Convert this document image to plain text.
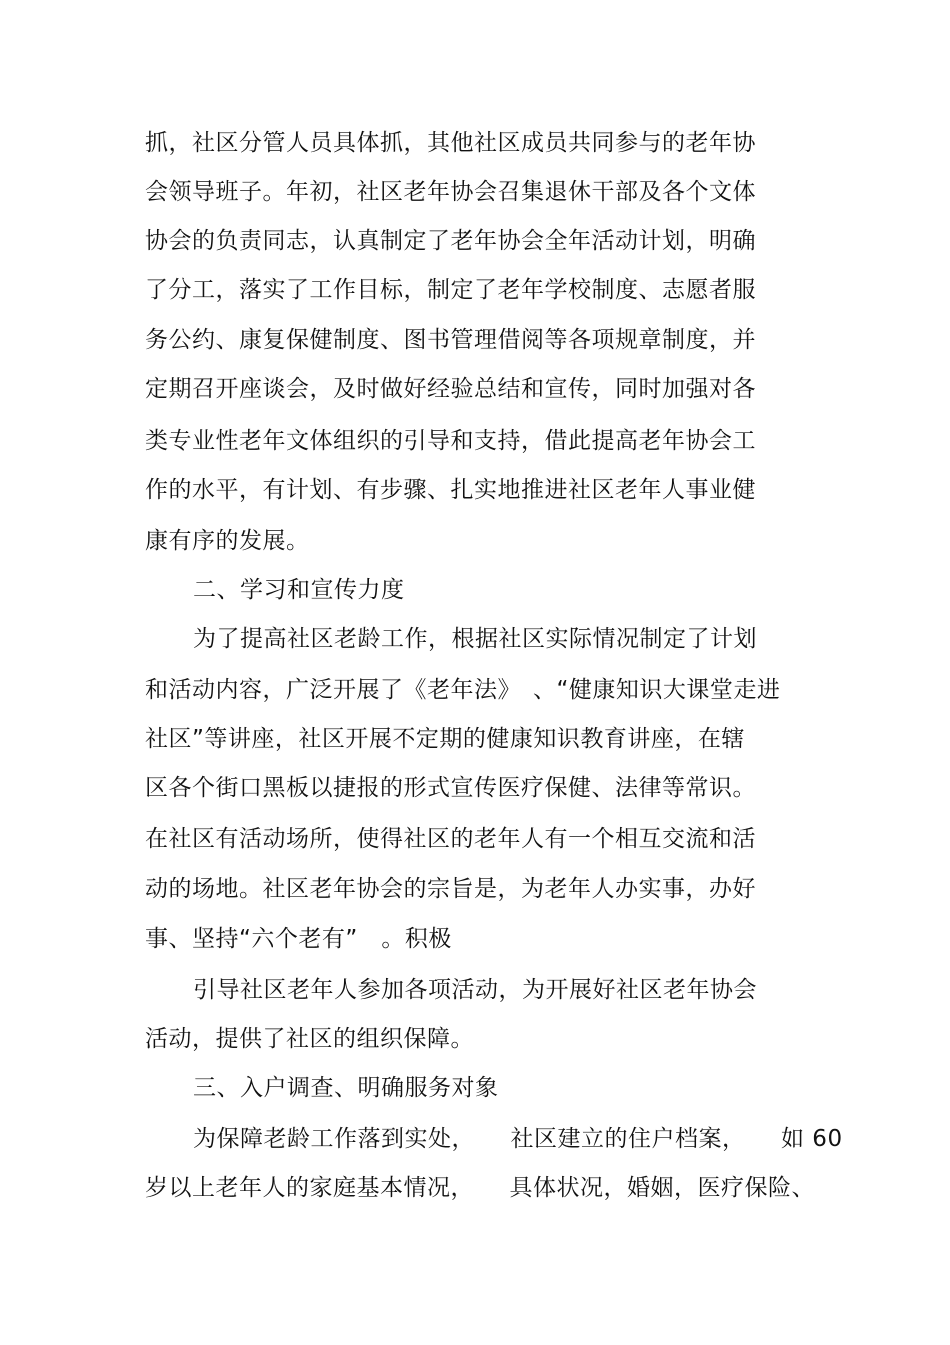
抓，社区分管人员具体抓，其他社区成员共同参与的老年协
会领导班子。年初，社区老年协会召集退休干部及各个文体
协会的负责同志，认真制定了老年协会全年活动计划，明确
了分工，落实了工作目标，制定了老年学校制度、志愿者服
务公约、康复保健制度、图书管理借阅等各项规章制度，并
定期召开座谈会，及时做好经验总结和宣传，同时加强对各
类专业性老年文体组织的引导和支持，借此提高老年协会工
作的水平，有计划、有步骤、扎实地推进社区老年人事业健
康有序的发展。
二、学习和宣传力度
为了提高社区老龄工作，根据社区实际情况制定了计划
和活动内容，广泛开展了《老年法》　、“健康知识大课堂走进
社区”等讲座，社区开展不定期的健康知识教育讲座，在辖
区各个街口黑板以捷报的形式宣传医疗保健、法律等常识。
在社区有活动场所，使得社区的老年人有一个相互交流和活
动的场地。社区老年协会的宗旨是，为老年人办实事，办好
事、坚持“六个老有”　。积极
引导社区老年人参加各项活动，为开展好社区老年协会
活动，提供了社区的组织保障。
三、入户调查、明确服务对象
为保障老龄工作落到实处，　　社区建立的住户档案，　　如 60
岁以上老年人的家庭基本情况，　　具体状况，婚姻，医疗保险、
